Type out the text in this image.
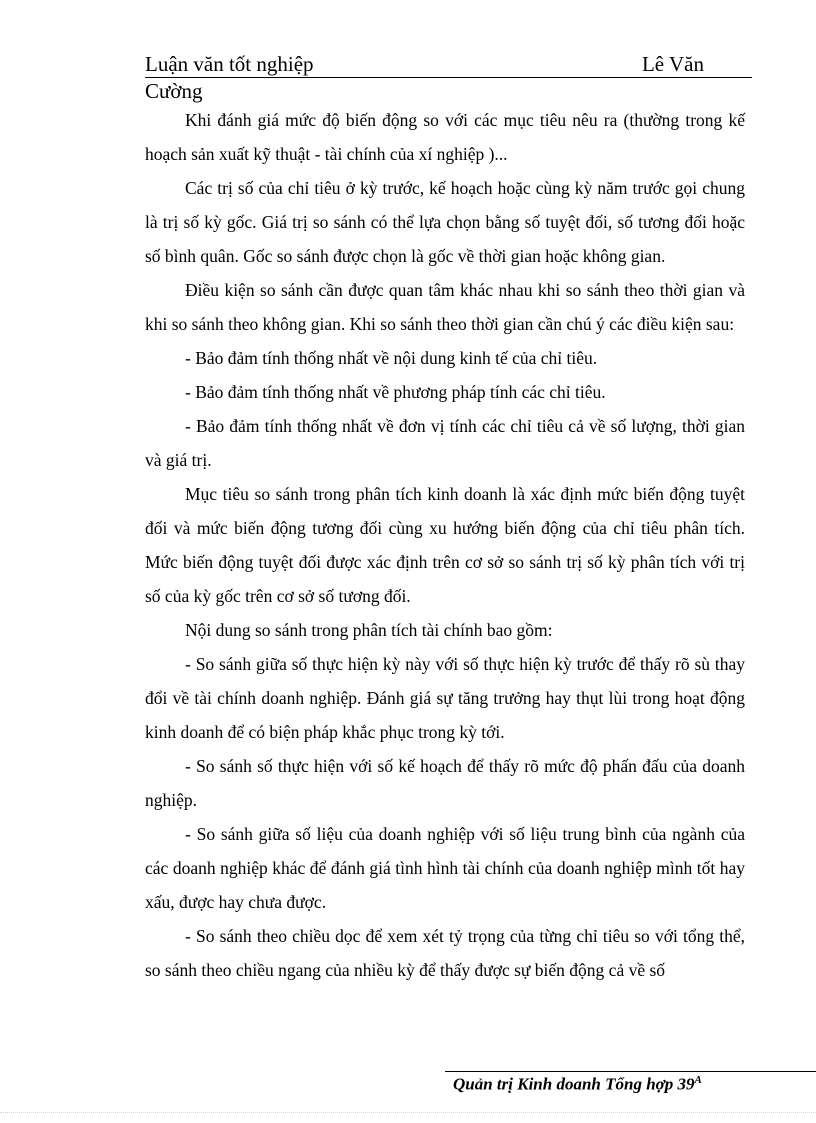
Luận văn tốt nghiệp	Lê Văn
Cường

Khi đánh giá mức độ biến động so với các mục tiêu nêu ra (thường trong kế hoạch sản xuất kỹ thuật - tài chính của xí nghiệp )...

Các trị số của chỉ tiêu ở kỳ trước, kế hoạch hoặc cùng kỳ năm trước gọi chung là trị số kỳ gốc. Giá trị so sánh có thể lựa chọn bằng số tuyệt đối, số tương đối hoặc số bình quân. Gốc so sánh được chọn là gốc về thời gian hoặc không gian.

Điều kiện so sánh cần được quan tâm khác nhau khi so sánh theo thời gian và khi so sánh theo không gian. Khi so sánh theo thời gian cần chú ý các điều kiện sau:

- Bảo đảm tính thống nhất về nội dung kinh tế của chỉ tiêu.

- Bảo đảm tính thống nhất về phương pháp tính các chỉ tiêu.

- Bảo đảm tính thống nhất về đơn vị tính các chỉ tiêu cả về số lượng, thời gian và giá trị.

Mục tiêu so sánh trong phân tích kinh doanh là xác định mức biến động tuyệt đối và mức biến động tương đối cùng xu hướng biến động của chỉ tiêu phân tích. Mức biến động tuyệt đối được xác định trên cơ sở so sánh trị số kỳ phân tích với trị số của kỳ gốc trên cơ sở số tương đối.

Nội dung so sánh trong phân tích tài chính bao gồm:

- So sánh giữa số thực hiện kỳ này với số thực hiện kỳ trước để thấy rõ sù thay đổi về tài chính doanh nghiệp. Đánh giá sự tăng trưởng hay thụt lùi trong hoạt động kinh doanh để có biện pháp khắc phục trong kỳ tới.

- So sánh số thực hiện với số kế hoạch để thấy rõ mức độ phấn đấu của doanh nghiệp.

- So sánh giữa số liệu của doanh nghiệp với số liệu trung bình của ngành của các doanh nghiệp khác để đánh giá tình hình tài chính của doanh nghiệp mình tốt hay xấu, được hay chưa được.

- So sánh theo chiều dọc để xem xét tỷ trọng của từng chỉ tiêu so với tổng thể, so sánh theo chiều ngang của nhiều kỳ để thấy được sự biến động cả về số

Quản trị Kinh doanh Tổng hợp $39^A$
